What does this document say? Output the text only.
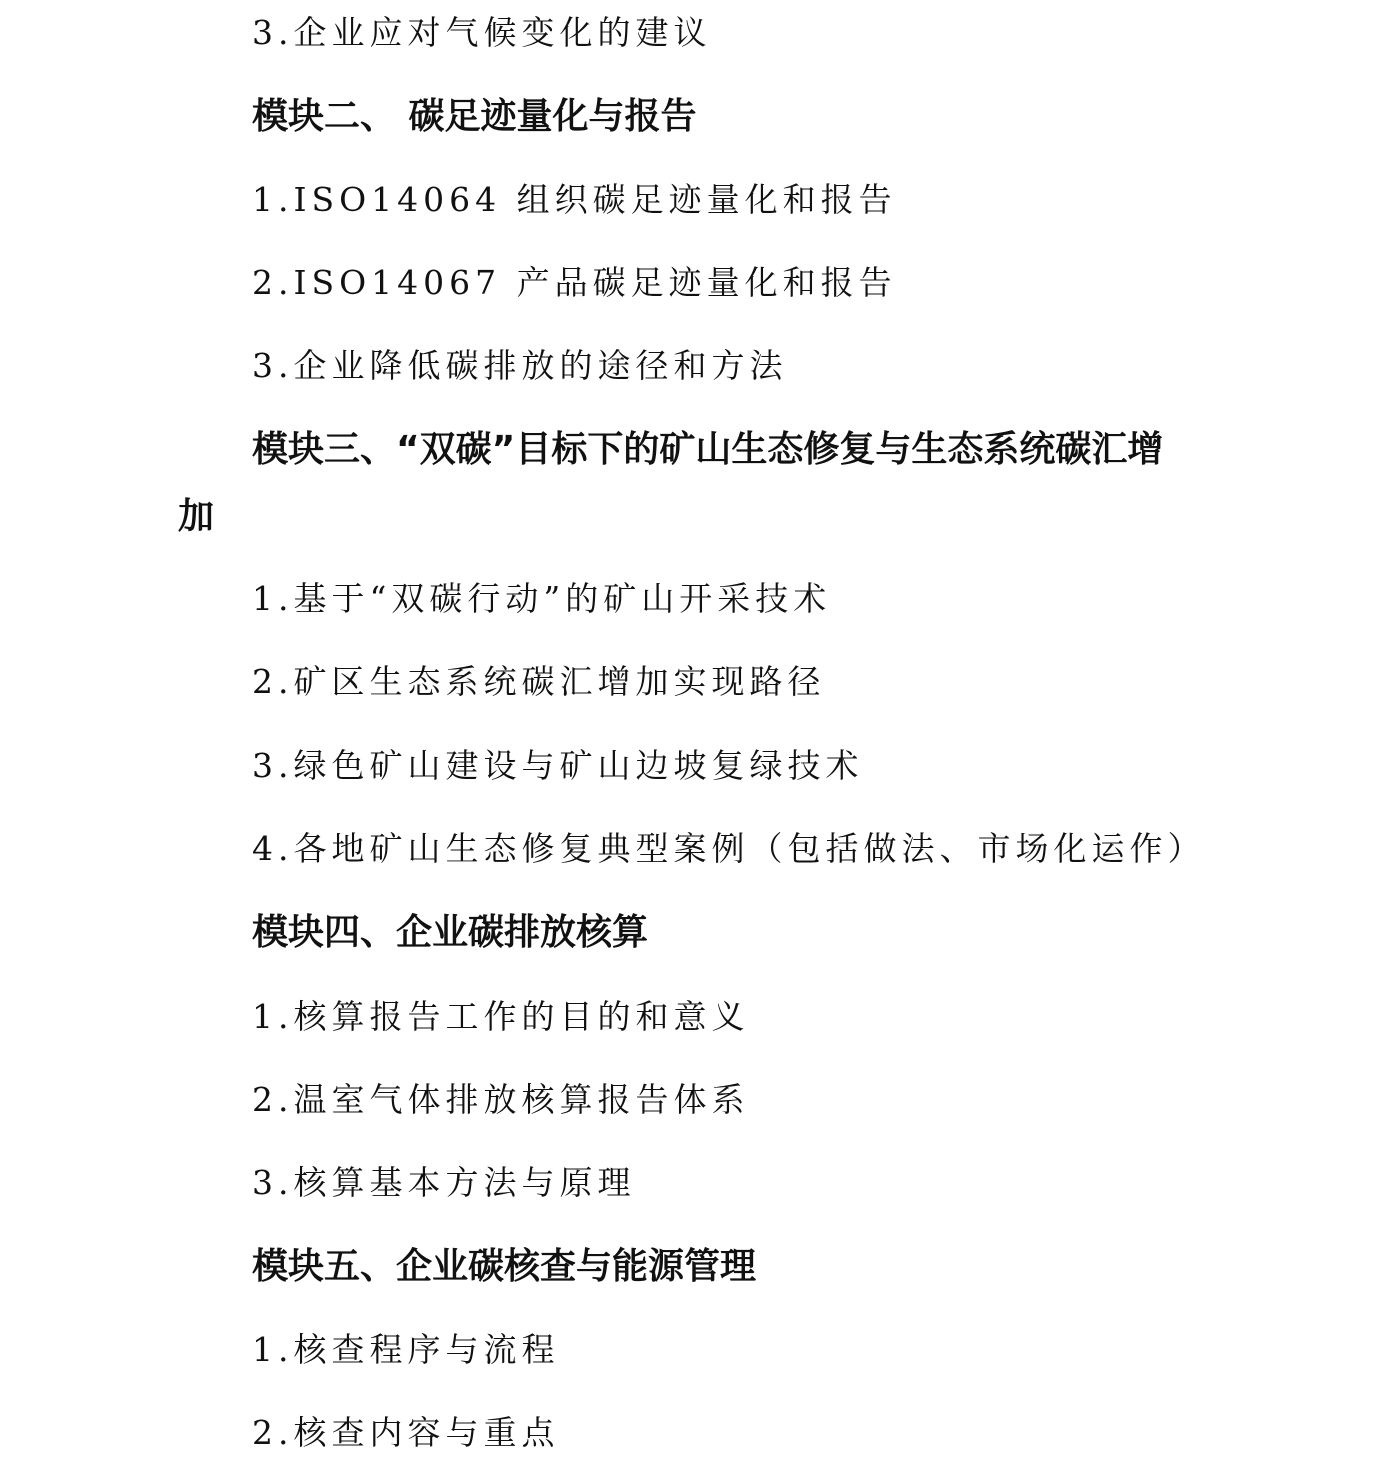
3.企业应对气候变化的建议
模块二、 碳足迹量化与报告
1.ISO14064 组织碳足迹量化和报告
2.ISO14067 产品碳足迹量化和报告
3.企业降低碳排放的途径和方法
模块三、“双碳”目标下的矿山生态修复与生态系统碳汇增
加
1.基于“双碳行动”的矿山开采技术
2.矿区生态系统碳汇增加实现路径
3.绿色矿山建设与矿山边坡复绿技术
4.各地矿山生态修复典型案例（包括做法、市场化运作）
模块四、企业碳排放核算
1.核算报告工作的目的和意义
2.温室气体排放核算报告体系
3.核算基本方法与原理
模块五、企业碳核查与能源管理
1.核查程序与流程
2.核查内容与重点
